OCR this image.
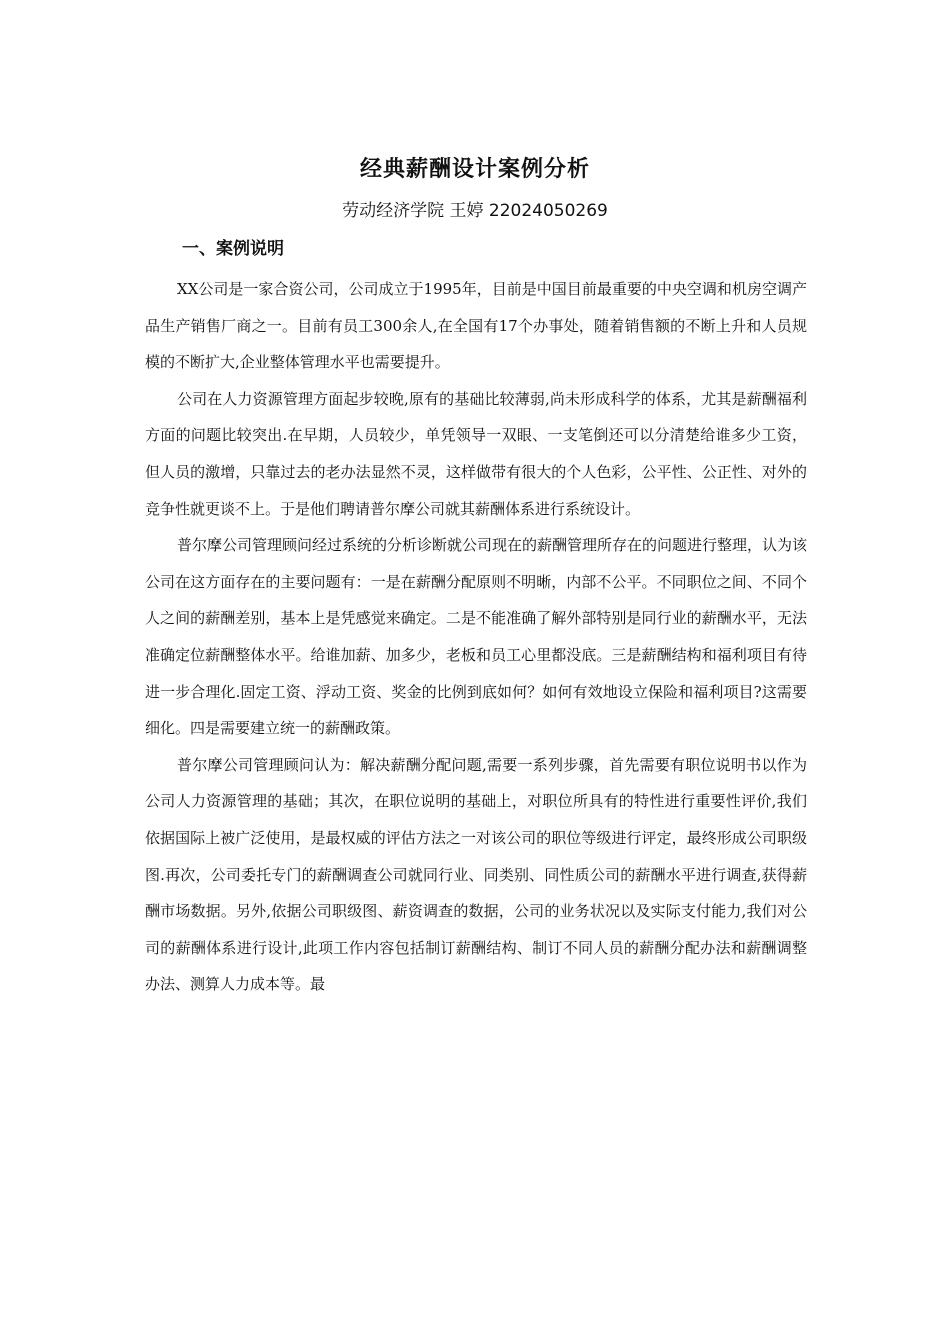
经典薪酬设计案例分析
劳动经济学院 王婷 22024050269
一、案例说明

XX公司是一家合资公司，公司成立于1995年，目前是中国目前最重要的中央空调和机房空调产品生产销售厂商之一。目前有员工300余人,在全国有17个办事处，随着销售额的不断上升和人员规模的不断扩大,企业整体管理水平也需要提升。

公司在人力资源管理方面起步较晚,原有的基础比较薄弱,尚未形成科学的体系，尤其是薪酬福利方面的问题比较突出.在早期，人员较少，单凭领导一双眼、一支笔倒还可以分清楚给谁多少工资，但人员的激增，只靠过去的老办法显然不灵，这样做带有很大的个人色彩，公平性、公正性、对外的竞争性就更谈不上。于是他们聘请普尔摩公司就其薪酬体系进行系统设计。

普尔摩公司管理顾问经过系统的分析诊断就公司现在的薪酬管理所存在的问题进行整理，认为该公司在这方面存在的主要问题有：一是在薪酬分配原则不明晰，内部不公平。不同职位之间、不同个人之间的薪酬差别，基本上是凭感觉来确定。二是不能准确了解外部特别是同行业的薪酬水平，无法准确定位薪酬整体水平。给谁加薪、加多少，老板和员工心里都没底。三是薪酬结构和福利项目有待进一步合理化.固定工资、浮动工资、奖金的比例到底如何？如何有效地设立保险和福利项目?这需要细化。四是需要建立统一的薪酬政策。

普尔摩公司管理顾问认为：解决薪酬分配问题,需要一系列步骤，首先需要有职位说明书以作为公司人力资源管理的基础；其次，在职位说明的基础上，对职位所具有的特性进行重要性评价,我们依据国际上被广泛使用，是最权威的评估方法之一对该公司的职位等级进行评定，最终形成公司职级图.再次，公司委托专门的薪酬调查公司就同行业、同类别、同性质公司的薪酬水平进行调查,获得薪酬市场数据。另外,依据公司职级图、薪资调查的数据，公司的业务状况以及实际支付能力,我们对公司的薪酬体系进行设计,此项工作内容包括制订薪酬结构、制订不同人员的薪酬分配办法和薪酬调整办法、测算人力成本等。最
